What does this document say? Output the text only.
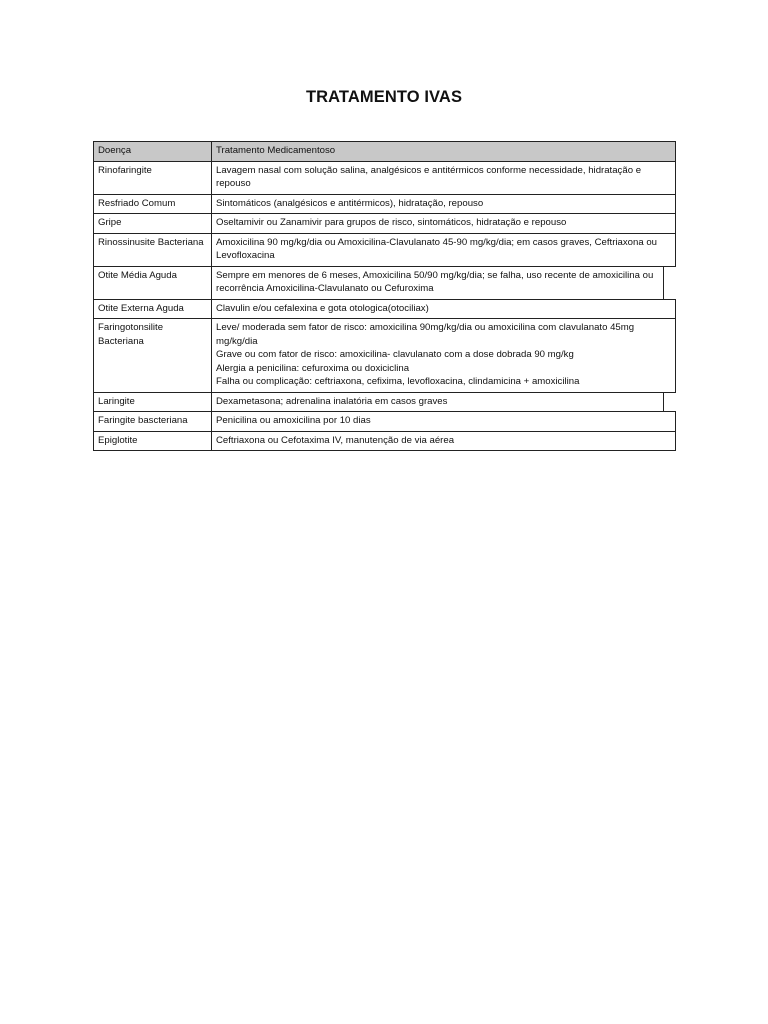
TRATAMENTO IVAS
Doença	Tratamento Medicamentoso
Rinofaringite	Lavagem nasal com solução salina, analgésicos e antitérmicos conforme necessidade, hidratação e repouso
Resfriado Comum	Sintomáticos (analgésicos e antitérmicos), hidratação, repouso
Gripe	Oseltamivir ou Zanamivir para grupos de risco, sintomáticos, hidratação e repouso
Rinossinusite Bacteriana	Amoxicilina 90 mg/kg/dia ou Amoxicilina-Clavulanato 45-90 mg/kg/dia; em casos graves, Ceftriaxona ou Levofloxacina
Otite Média Aguda	Sempre em menores de 6 meses, Amoxicilina 50/90 mg/kg/dia; se falha, uso recente de amoxicilina ou recorrência Amoxicilina-Clavulanato ou Cefuroxima
Otite Externa Aguda	Clavulin e/ou cefalexina e gota otologica(otociliax)
Faringotonsilite Bacteriana	Leve/ moderada sem fator de risco: amoxicilina 90mg/kg/dia ou amoxicilina com clavulanato 45mg mg/kg/dia
Grave ou com fator de risco: amoxicilina- clavulanato com a dose dobrada 90 mg/kg
Alergia a penicilina: cefuroxima ou doxiciclina
Falha ou complicação: ceftriaxona, cefixima, levofloxacina, clindamicina + amoxicilina
Laringite	Dexametasona; adrenalina inalatória em casos graves
Faringite bascteriana	Penicilina ou amoxicilina por 10 dias
Epiglotite	Ceftriaxona ou Cefotaxima IV, manutenção de via aérea
